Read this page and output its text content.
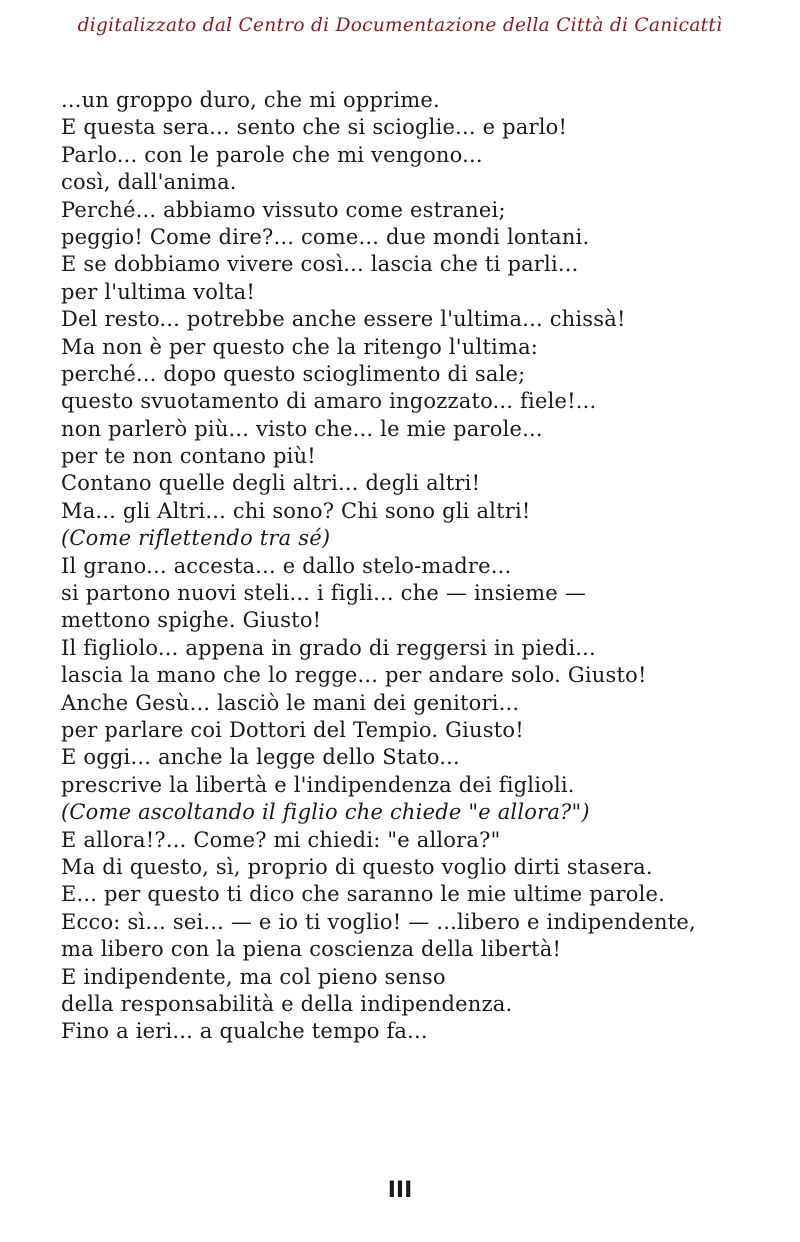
digitalizzato dal Centro di Documentazione della Città di Canicattì
...un groppo duro, che mi opprime.
E questa sera... sento che si scioglie... e parlo!
Parlo... con le parole che mi vengono...
così, dall'anima.
Perché... abbiamo vissuto come estranei;
peggio! Come dire?... come... due mondi lontani.
E se dobbiamo vivere così... lascia che ti parli...
per l'ultima volta!
Del resto... potrebbe anche essere l'ultima... chissà!
Ma non è per questo che la ritengo l'ultima:
perché... dopo questo scioglimento di sale;
questo svuotamento di amaro ingozzato... fiele!...
non parlerò più... visto che... le mie parole...
per te non contano più!
Contano quelle degli altri... degli altri!
Ma... gli Altri... chi sono? Chi sono gli altri!
(Come riflettendo tra sé)
Il grano... accesta... e dallo stelo-madre...
si partono nuovi steli... i figli... che — insieme —
mettono spighe. Giusto!
Il figliolo... appena in grado di reggersi in piedi...
lascia la mano che lo regge... per andare solo. Giusto!
Anche Gesù... lasciò le mani dei genitori...
per parlare coi Dottori del Tempio. Giusto!
E oggi... anche la legge dello Stato...
prescrive la libertà e l'indipendenza dei figlioli.
(Come ascoltando il figlio che chiede "e allora?")
E allora!?... Come? mi chiedi: "e allora?"
Ma di questo, sì, proprio di questo voglio dirti stasera.
E... per questo ti dico che saranno le mie ultime parole.
Ecco: sì... sei... — e io ti voglio! — ...libero e indipendente,
ma libero con la piena coscienza della libertà!
E indipendente, ma col pieno senso
della responsabilità e della indipendenza.
Fino a ieri... a qualche tempo fa...
III
